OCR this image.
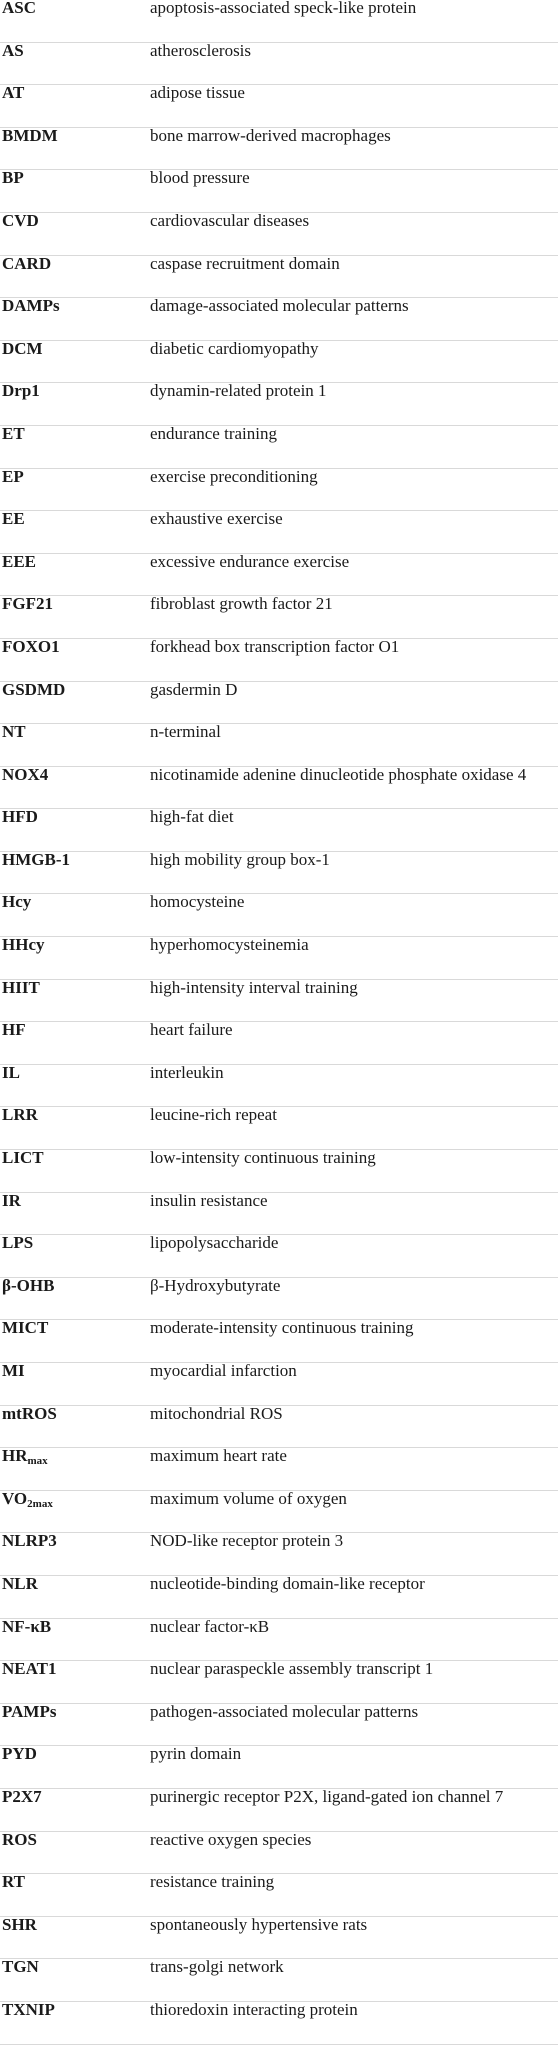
ASC	apoptosis-associated speck-like protein
AS	atherosclerosis
AT	adipose tissue
BMDM	bone marrow-derived macrophages
BP	blood pressure
CVD	cardiovascular diseases
CARD	caspase recruitment domain
DAMPs	damage-associated molecular patterns
DCM	diabetic cardiomyopathy
Drp1	dynamin-related protein 1
ET	endurance training
EP	exercise preconditioning
EE	exhaustive exercise
EEE	excessive endurance exercise
FGF21	fibroblast growth factor 21
FOXO1	forkhead box transcription factor O1
GSDMD	gasdermin D
NT	n-terminal
NOX4	nicotinamide adenine dinucleotide phosphate oxidase 4
HFD	high-fat diet
HMGB-1	high mobility group box-1
Hcy	homocysteine
HHcy	hyperhomocysteinemia
HIIT	high-intensity interval training
HF	heart failure
IL	interleukin
LRR	leucine-rich repeat
LICT	low-intensity continuous training
IR	insulin resistance
LPS	lipopolysaccharide
β-OHB	β-Hydroxybutyrate
MICT	moderate-intensity continuous training
MI	myocardial infarction
mtROS	mitochondrial ROS
$HR_{max}$	maximum heart rate
$VO_{2max}$	maximum volume of oxygen
NLRP3	NOD-like receptor protein 3
NLR	nucleotide-binding domain-like receptor
NF-κB	nuclear factor-κB
NEAT1	nuclear paraspeckle assembly transcript 1
PAMPs	pathogen-associated molecular patterns
PYD	pyrin domain
P2X7	purinergic receptor P2X, ligand-gated ion channel 7
ROS	reactive oxygen species
RT	resistance training
SHR	spontaneously hypertensive rats
TGN	trans-golgi network
TXNIP	thioredoxin interacting protein
